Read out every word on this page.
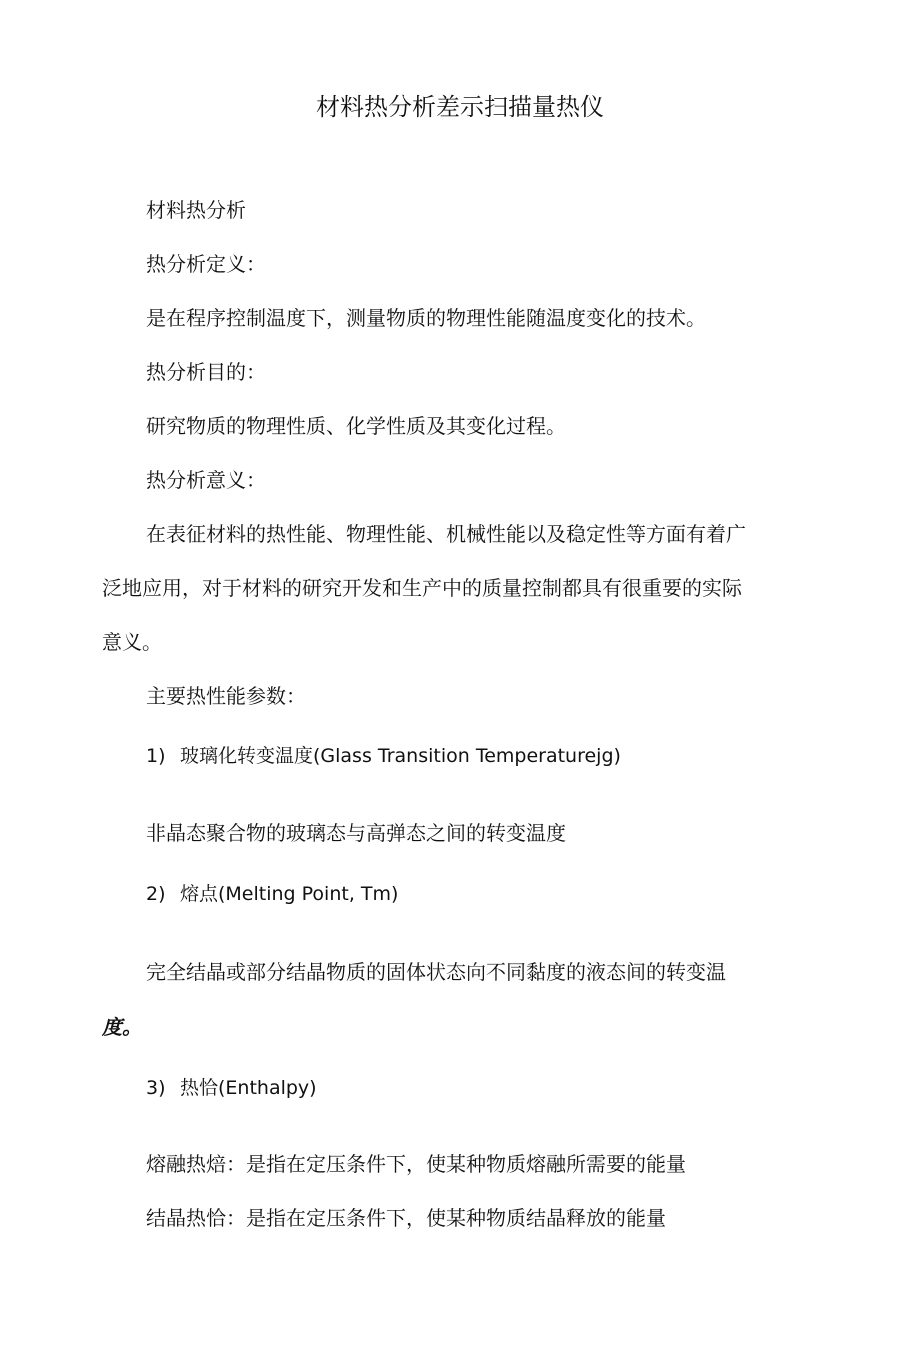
材料热分析差示扫描量热仪
材料热分析
热分析定义：
是在程序控制温度下，测量物质的物理性能随温度变化的技术。
热分析目的：
研究物质的物理性质、化学性质及其变化过程。
热分析意义：
在表征材料的热性能、物理性能、机械性能以及稳定性等方面有着广
泛地应用，对于材料的研究开发和生产中的质量控制都具有很重要的实际
意义。
主要热性能参数：
1) 玻璃化转变温度(Glass Transition Temperaturejg)
非晶态聚合物的玻璃态与高弹态之间的转变温度
2) 熔点(Melting Point, Tm)
完全结晶或部分结晶物质的固体状态向不同黏度的液态间的转变温
度。
3) 热恰(Enthalpy)
熔融热焙：是指在定压条件下，使某种物质熔融所需要的能量
结晶热恰：是指在定压条件下，使某种物质结晶释放的能量
